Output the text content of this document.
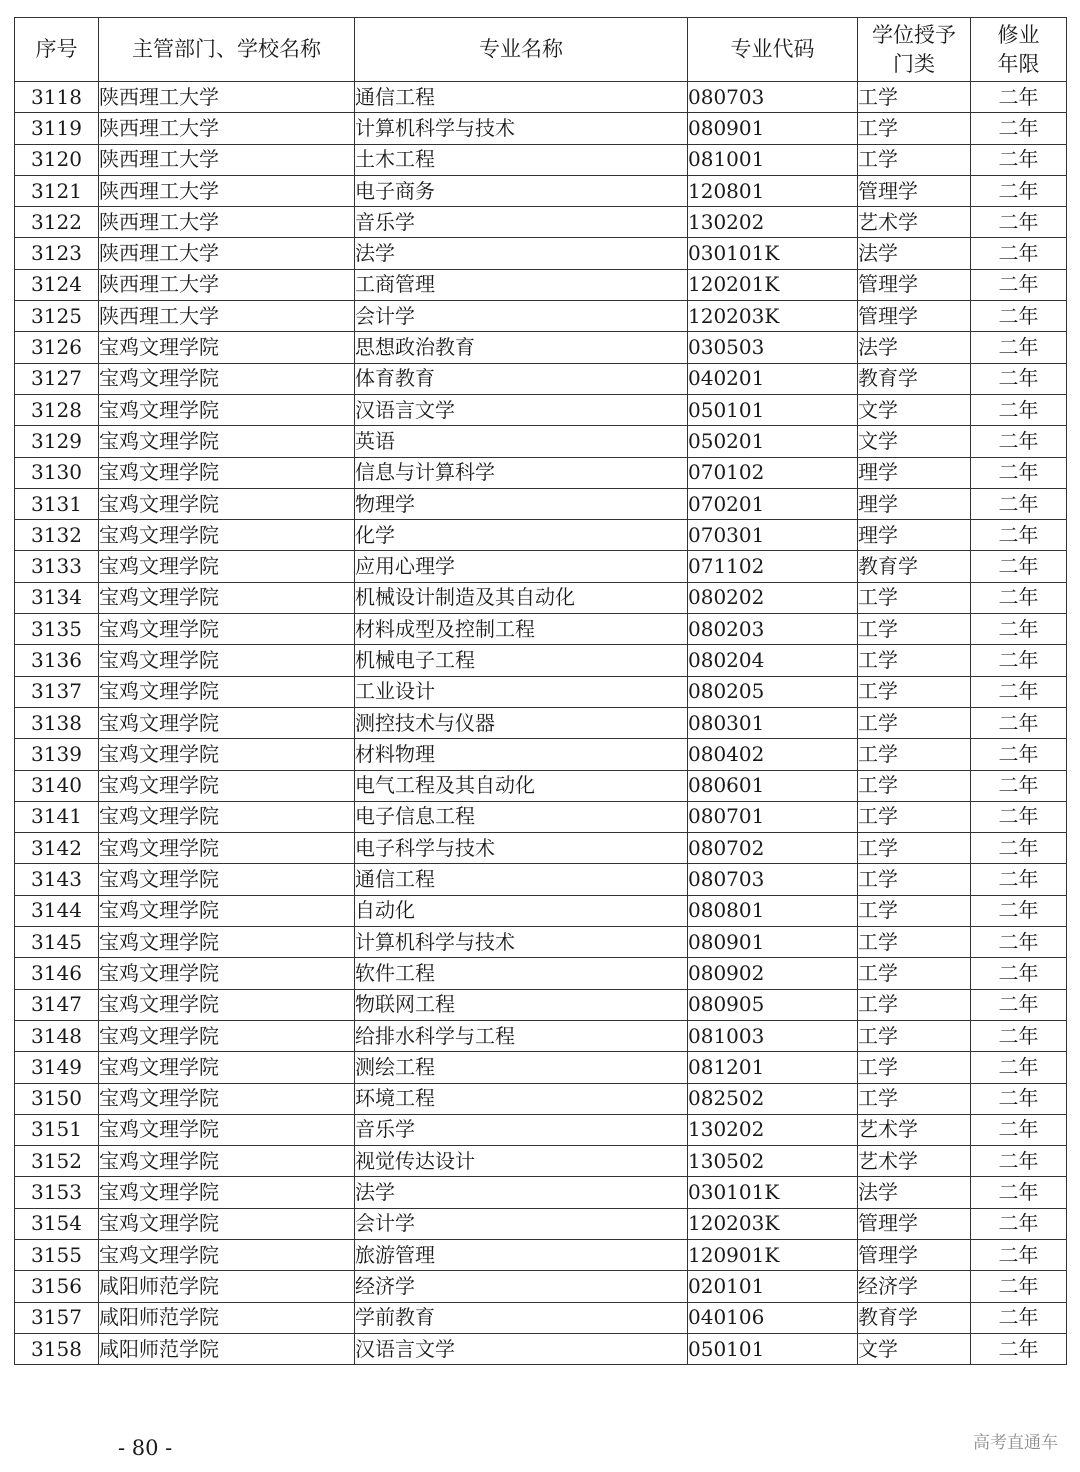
序号	主管部门、学校名称	专业名称	专业代码	学位授予门类	修业年限
3118	陕西理工大学	通信工程	080703	工学	二年
3119	陕西理工大学	计算机科学与技术	080901	工学	二年
3120	陕西理工大学	土木工程	081001	工学	二年
3121	陕西理工大学	电子商务	120801	管理学	二年
3122	陕西理工大学	音乐学	130202	艺术学	二年
3123	陕西理工大学	法学	030101K	法学	二年
3124	陕西理工大学	工商管理	120201K	管理学	二年
3125	陕西理工大学	会计学	120203K	管理学	二年
3126	宝鸡文理学院	思想政治教育	030503	法学	二年
3127	宝鸡文理学院	体育教育	040201	教育学	二年
3128	宝鸡文理学院	汉语言文学	050101	文学	二年
3129	宝鸡文理学院	英语	050201	文学	二年
3130	宝鸡文理学院	信息与计算科学	070102	理学	二年
3131	宝鸡文理学院	物理学	070201	理学	二年
3132	宝鸡文理学院	化学	070301	理学	二年
3133	宝鸡文理学院	应用心理学	071102	教育学	二年
3134	宝鸡文理学院	机械设计制造及其自动化	080202	工学	二年
3135	宝鸡文理学院	材料成型及控制工程	080203	工学	二年
3136	宝鸡文理学院	机械电子工程	080204	工学	二年
3137	宝鸡文理学院	工业设计	080205	工学	二年
3138	宝鸡文理学院	测控技术与仪器	080301	工学	二年
3139	宝鸡文理学院	材料物理	080402	工学	二年
3140	宝鸡文理学院	电气工程及其自动化	080601	工学	二年
3141	宝鸡文理学院	电子信息工程	080701	工学	二年
3142	宝鸡文理学院	电子科学与技术	080702	工学	二年
3143	宝鸡文理学院	通信工程	080703	工学	二年
3144	宝鸡文理学院	自动化	080801	工学	二年
3145	宝鸡文理学院	计算机科学与技术	080901	工学	二年
3146	宝鸡文理学院	软件工程	080902	工学	二年
3147	宝鸡文理学院	物联网工程	080905	工学	二年
3148	宝鸡文理学院	给排水科学与工程	081003	工学	二年
3149	宝鸡文理学院	测绘工程	081201	工学	二年
3150	宝鸡文理学院	环境工程	082502	工学	二年
3151	宝鸡文理学院	音乐学	130202	艺术学	二年
3152	宝鸡文理学院	视觉传达设计	130502	艺术学	二年
3153	宝鸡文理学院	法学	030101K	法学	二年
3154	宝鸡文理学院	会计学	120203K	管理学	二年
3155	宝鸡文理学院	旅游管理	120901K	管理学	二年
3156	咸阳师范学院	经济学	020101	经济学	二年
3157	咸阳师范学院	学前教育	040106	教育学	二年
3158	咸阳师范学院	汉语言文学	050101	文学	二年
- 80 -	高考直通车
